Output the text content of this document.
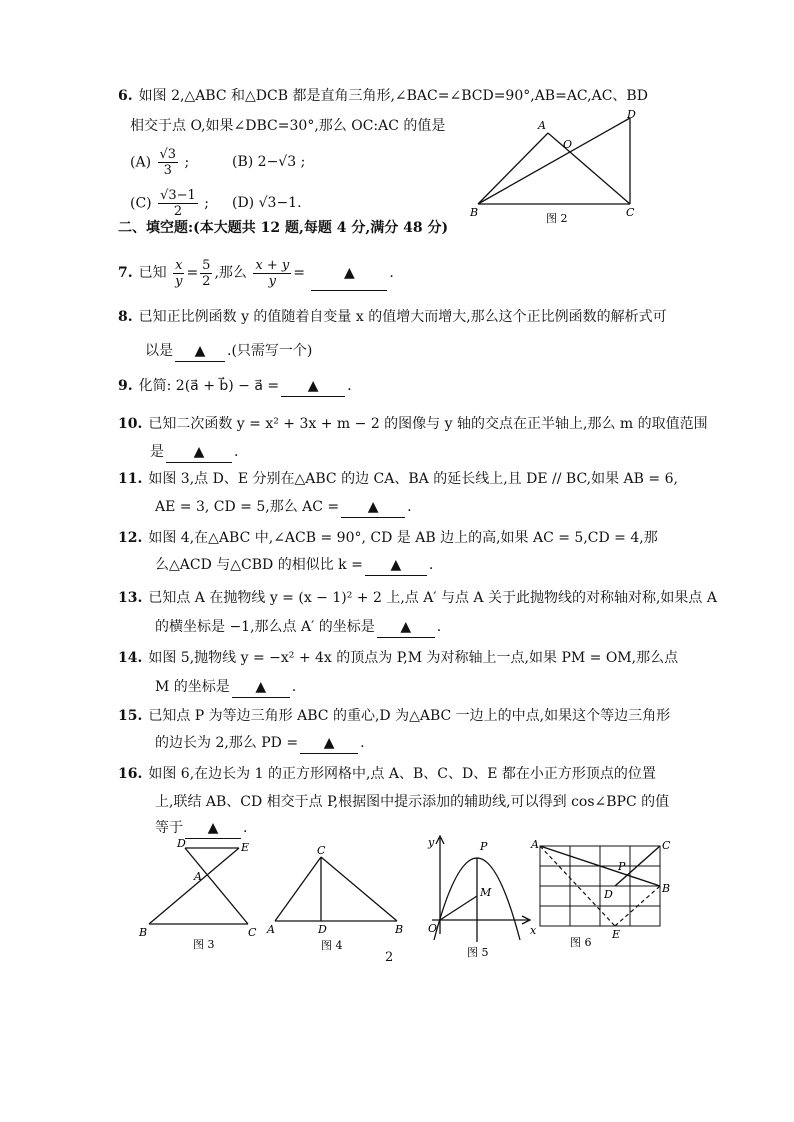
6. 如图 2,△ABC 和△DCB 都是直角三角形,∠BAC=∠BCD=90°,AB=AC,AC、BD
相交于点 O,如果∠DBC=30°,那么 OC:AC 的值是
$(A) \frac{√3}{3}$ ;	(B) 2−√3 ;
$(C) \frac{√3-1}{2}$ ; (D) √3−1.
A
B	C
D
O
图 2
二、填空题:(本大题共 12 题,每题 4 分,满分 48 分)
7. 已知 $\frac{x}{y} = \frac{5}{2}$ ,那么 $\frac{x + y}{y}$ =	▲ .
8. 已知正比例函数 y 的值随着自变量 x 的值增大而增大,那么这个正比例函数的解析式可
以是 ▲ .(只需写一个)
9. 化简: 2(a⃗ + b⃗) − a⃗ = ▲ .
10. 已知二次函数 y = x² + 3x + m − 2 的图像与 y 轴的交点在正半轴上,那么 m 的取值范围
是 ▲ .
11. 如图 3,点 D、E 分别在△ABC 的边 CA、BA 的延长线上,且 DE // BC,如果 AB = 6,
AE = 3, CD = 5,那么 AC = ▲ .
12. 如图 4,在△ABC 中,∠ACB = 90°, CD 是 AB 边上的高,如果 AC = 5,CD = 4,那
么△ACD 与△CBD 的相似比 k = ▲ .
13. 已知点 A 在抛物线 y = (x − 1)² + 2 上,点 A′ 与点 A 关于此抛物线的对称轴对称,如果点 A
的横坐标是 −1,那么点 A′ 的坐标是 ▲ .
14. 如图 5,抛物线 y = −x² + 4x 的顶点为 P,M 为对称轴上一点,如果 PM = OM,那么点
M 的坐标是 ▲ .
15. 已知点 P 为等边三角形 ABC 的重心,D 为△ABC 一边上的中点,如果这个等边三角形
的边长为 2,那么 PD = ▲ .
16. 如图 6,在边长为 1 的正方形网格中,点 A、B、C、D、E 都在小正方形顶点的位置
上,联结 AB、CD 相交于点 P,根据图中提示添加的辅助线,可以得到 cos∠BPC 的值
等于 ▲ .
D	E
A
B	C
图 3
C
A	D	B
图 4
y
x
O
P
M
图 5
A	C
B
P
D
E
图 6
2
